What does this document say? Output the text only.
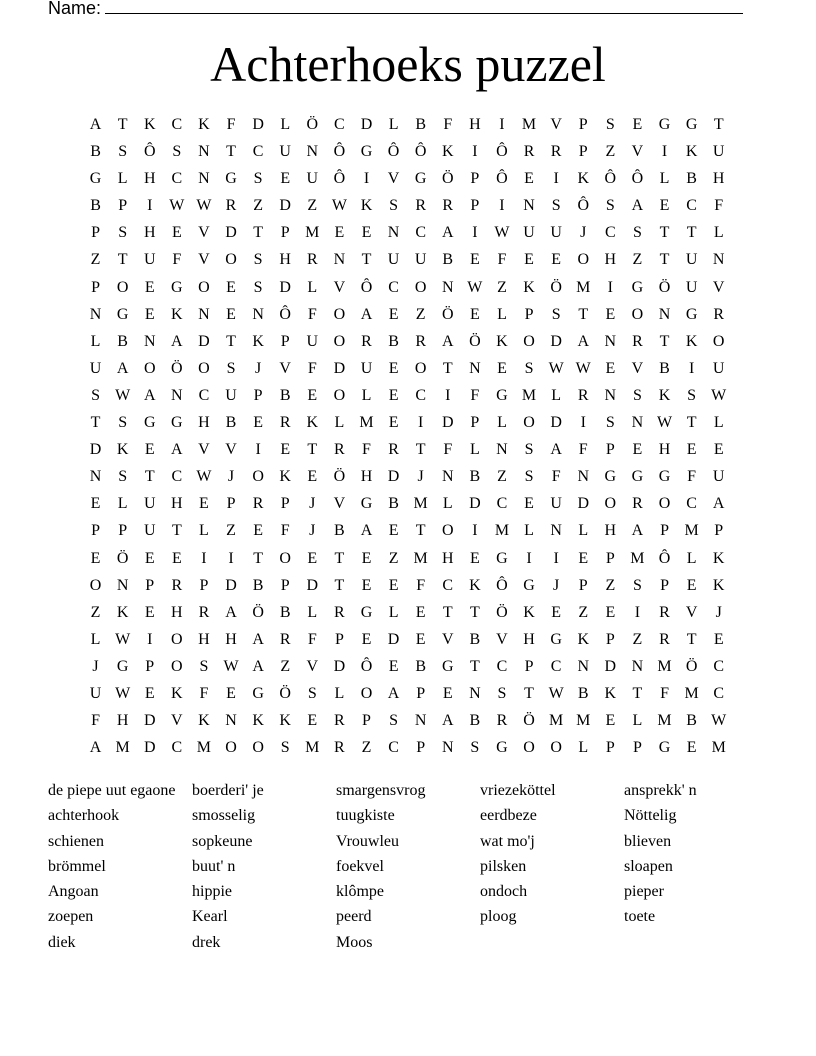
Name:
Achterhoeks puzzel
A	T	K C K	F	D	L	Ö C D	L	B	F	H	I	M V	P	S	E	G G	T
B	S	Ô	S	N	T	C U N Ô G Ô Ô K	I	Ô R	R	P	Z	V	I	K U
G	L	H C N G	S	E	U Ô	I	V G Ö	P	Ô	E	I	K Ô Ô	L	B H
B	P	I	W W R	Z	D	Z W K	S	R	R	P	I	N	S	Ô	S	A	E	C	F
P	S	H	E	V D	T	P M E	E	N C A	I	W U U	J	C	S	T	T	L
Z	T	U	F	V O	S	H R N	T	U U B	E	F	E	E	O H	Z	T	U N
P	O	E	G O	E	S	D	L	V Ô C O N W Z	K Ö M	I	G Ö U V
N G	E	K N	E	N Ô	F	O A	E	Z	Ö	E	L	P	S	T	E	O N G R
L	B N A D	T	K	P	U O R	B	R A Ö K O D A N R	T	K O
U A O Ö O	S	J	V	F	D U	E	O	T	N	E	S W W E	V B	I	U
S W A N C U	P	B	E	O	L	E	C	I	F	G M L	R N	S	K	S W
T	S	G G H B	E	R K	L M E	I	D	P	L	O D	I	S	N W T	L
D K	E	A V V	I	E	T	R	F	R	T	F	L	N	S	A	F	P	E	H	E	E
N	S	T	C W	J	O K	E	Ö H D	J	N B	Z	S	F	N G G G	F	U
E	L	U H	E	P	R	P	J	V G B M L	D C	E	U D O R O C A
P	P	U	T	L	Z	E	F	J	B A	E	T	O	I	M L	N	L	H A	P M P
E	Ö	E	E	I	I	T	O	E	T	E	Z M H	E	G	I	I	E	P M Ô	L	K
O N	P	R	P	D B	P	D	T	E	E	F	C K Ô G	J	P	Z	S	P	E	K
Z	K	E	H R A Ö B	L	R G	L	E	T	T	Ö K	E	Z	E	I	R V	J
L W	I	O H H A R	F	P	E	D	E	V B V H G K	P	Z	R	T	E
J	G	P	O	S W A	Z	V D Ô	E	B G	T	C	P	C N D N M Ö C
U W E	K	F	E	G Ö	S	L	O A	P	E	N	S	T W B K	T	F M C
F	H D V K N K K	E	R	P	S	N A B	R Ö M M E	L M B W
A M D C M O O	S M R	Z	C	P	N	S	G O O	L	P	P	G	E M
de piepe uut egaone	boerderi' je	smargensvrog	vriezeköttel	ansprekk' n
achterhook	smosselig	tuugkiste	eerdbeze	Nöttelig
schienen	sopkeune	Vrouwleu	wat mo'j	blieven
brömmel	buut' n	foekvel	pilsken	sloapen
Angoan	hippie	klômpe	ondoch	pieper
zoepen	Kearl	peerd	ploog	toete
diek	drek	Moos
